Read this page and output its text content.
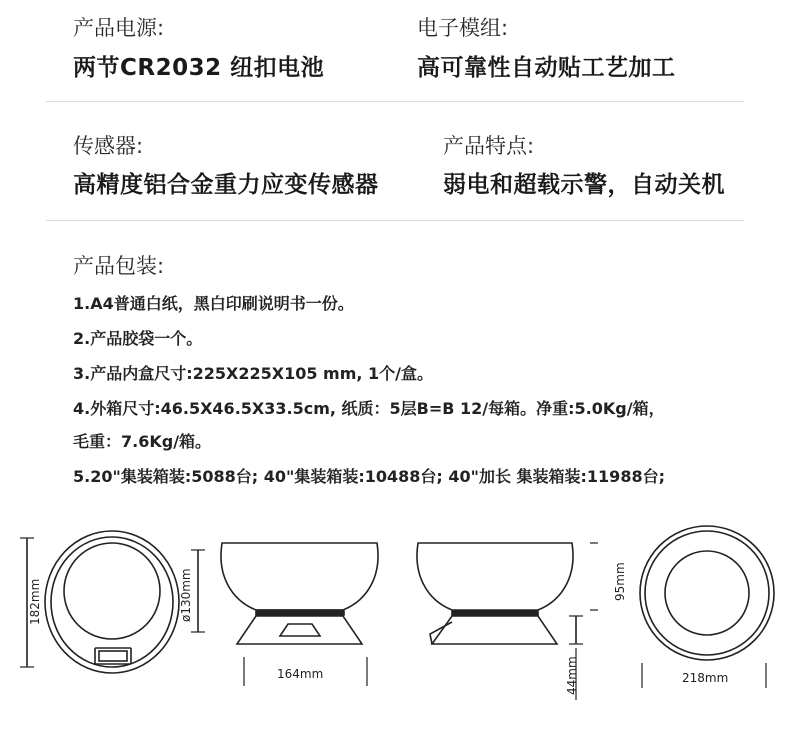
产品电源:
两节CR2032 纽扣电池
电子模组:
高可靠性自动贴工艺加工
传感器:
高精度铝合金重力应变传感器
产品特点:
弱电和超载示警，自动关机
产品包装:
1.A4普通白纸，黑白印刷说明书一份。
2.产品胶袋一个。
3.产品内盒尺寸:225X225X105 mm, 1个/盒。
4.外箱尺寸:46.5X46.5X33.5cm, 纸质：5层B=B 12/每箱。净重:5.0Kg/箱，
毛重：7.6Kg/箱。
5.20"集装箱装:5088台; 40"集装箱装:10488台; 40"加长 集装箱装:11988台;
182mm	ø130mm
164mm
95mm
44mm	218mm
